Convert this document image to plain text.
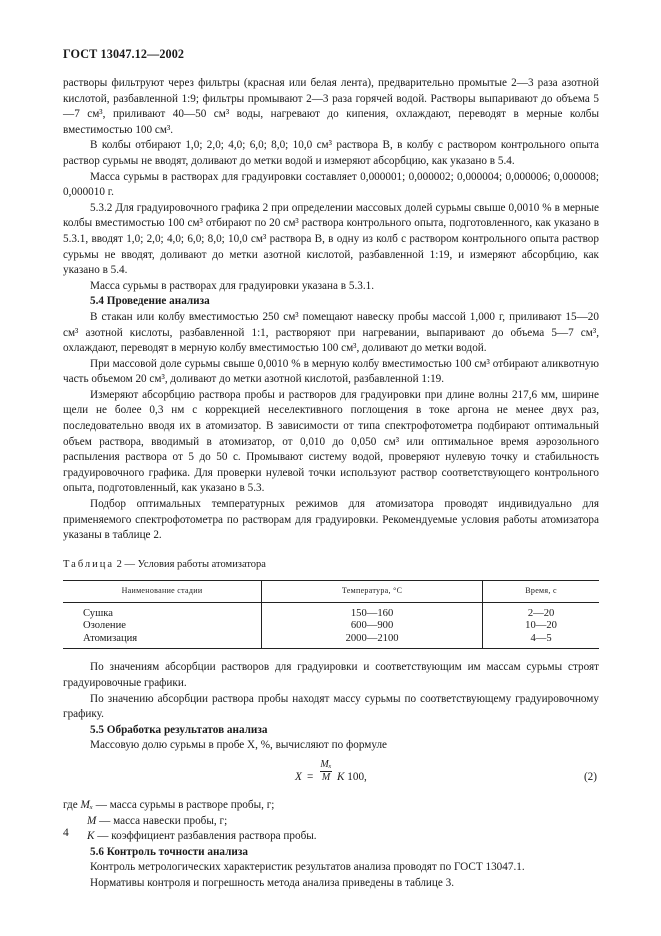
ГОСТ 13047.12—2002

растворы фильтруют через фильтры (красная или белая лента), предварительно промытые 2—3 раза азотной кислотой, разбавленной 1:9; фильтры промывают 2—3 раза горячей водой. Растворы выпаривают до объема 5—7 см³, приливают 40—50 см³ воды, нагревают до кипения, охлаждают, переводят в мерные колбы вместимостью 100 см³.

В колбы отбирают 1,0; 2,0; 4,0; 6,0; 8,0; 10,0 см³ раствора В, в колбу с раствором контрольного опыта раствор сурьмы не вводят, доливают до метки водой и измеряют абсорбцию, как указано в 5.4.

Масса сурьмы в растворах для градуировки составляет 0,000001; 0,000002; 0,000004; 0,000006; 0,000008; 0,000010 г.

5.3.2 Для градуировочного графика 2 при определении массовых долей сурьмы свыше 0,0010 % в мерные колбы вместимостью 100 см³ отбирают по 20 см³ раствора контрольного опыта, подготовленного, как указано в 5.3.1, вводят 1,0; 2,0; 4,0; 6,0; 8,0; 10,0 см³ раствора В, в одну из колб с раствором контрольного опыта раствор сурьмы не вводят, доливают до метки азотной кислотой, разбавленной 1:19, и измеряют абсорбцию, как указано в 5.4.

Масса сурьмы в растворах для градуировки указана в 5.3.1.

5.4 Проведение анализа

В стакан или колбу вместимостью 250 см³ помещают навеску пробы массой 1,000 г, приливают 15—20 см³ азотной кислоты, разбавленной 1:1, растворяют при нагревании, выпаривают до объема 5—7 см³, охлаждают, переводят в мерную колбу вместимостью 100 см³, доливают до метки водой.

При массовой доле сурьмы свыше 0,0010 % в мерную колбу вместимостью 100 см³ отбирают аликвотную часть объемом 20 см³, доливают до метки азотной кислотой, разбавленной 1:19.

Измеряют абсорбцию раствора пробы и растворов для градуировки при длине волны 217,6 мм, ширине щели не более 0,3 нм с коррекцией неселективного поглощения в токе аргона не менее двух раз, последовательно вводя их в атомизатор. В зависимости от типа спектрофотометра подбирают оптимальный объем раствора, вводимый в атомизатор, от 0,010 до 0,050 см³ или оптимальное время аэрозольного распыления раствора от 5 до 50 с. Промывают систему водой, проверяют нулевую точку и стабильность градуировочного графика. Для проверки нулевой точки используют раствор соответствующего контрольного опыта, подготовленный, как указано в 5.3.

Подбор оптимальных температурных режимов для атомизатора проводят индивидуально для применяемого спектрофотометра по растворам для градуировки. Рекомендуемые условия работы атомизатора указаны в таблице 2.

Таблица 2 — Условия работы атомизатора
Наименование стадии	Температура, °С	Время, с
Сушка	150—160	2—20
Озоление	600—900	10—20
Атомизация	2000—2100	4—5

По значениям абсорбции растворов для градуировки и соответствующим им массам сурьмы строят градуировочные графики.

По значению абсорбции раствора пробы находят массу сурьмы по соответствующему градуировочному графику.

5.5 Обработка результатов анализа

Массовую долю сурьмы в пробе X, %, вычисляют по формуле

$X = \frac{\text{Mₓ}}{M}$ K 100,	(2)
где Mₓ — масса сурьмы в растворе пробы, г;
M — масса навески пробы, г;
K — коэффициент разбавления раствора пробы.

5.6 Контроль точности анализа

Контроль метрологических характеристик результатов анализа проводят по ГОСТ 13047.1.

Нормативы контроля и погрешность метода анализа приведены в таблице 3.

4
